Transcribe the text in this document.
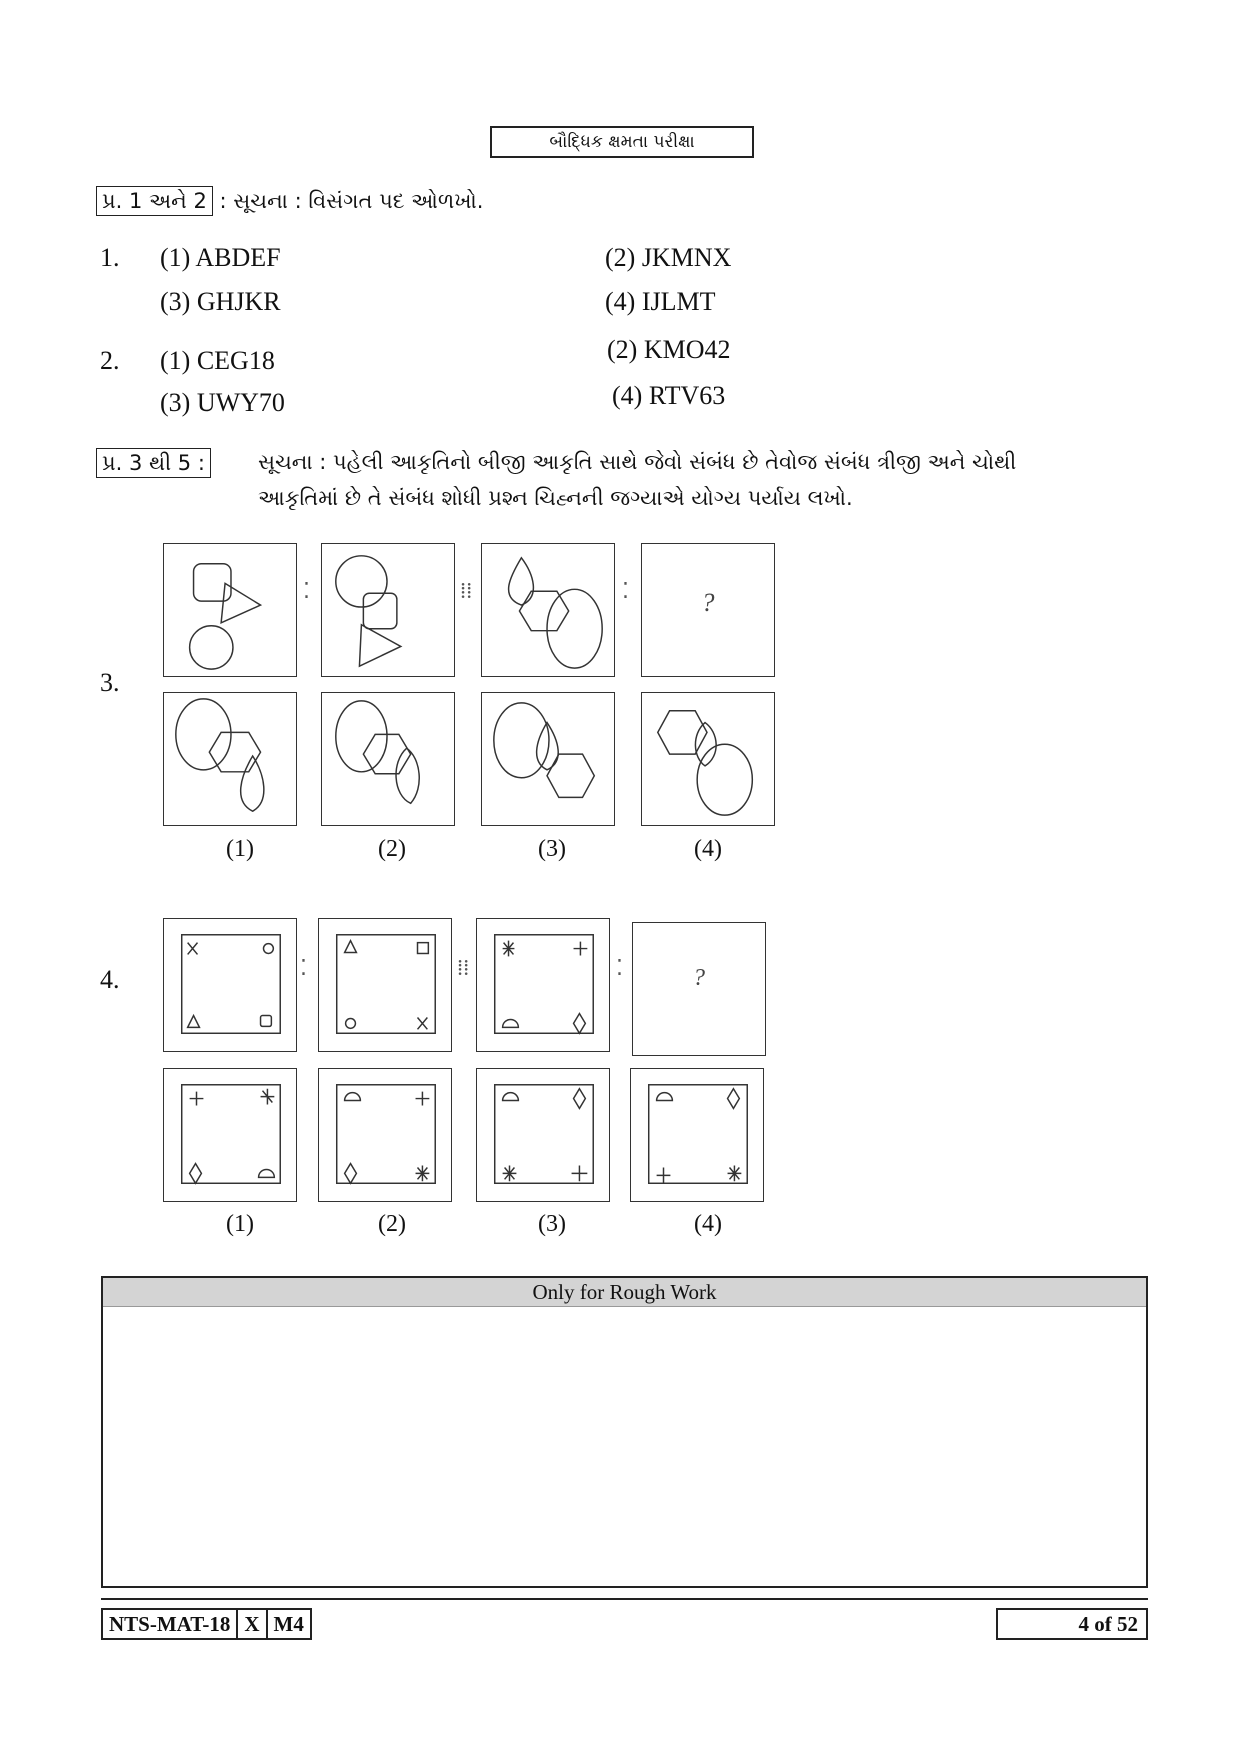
બૌદ્ધિક ક્ષમતા પરીક્ષા
પ્ર. 1 અને 2 : સૂચના : વિસંગત પદ ઓળખો.
1. (1) ABDEF	(2) JKMNX
(3) GHJKR	(4) IJLMT
2. (1) CEG18	(2) KMO42
(3) UWY70	(4) RTV63
પ્ર. 3 થી 5 :	સૂચના : પહેલી આકૃતિનો બીજી આકૃતિ સાથે જેવો સંબંધ છે તેવોજ સંબંધ ત્રીજી અને ચોથી
આકૃતિમાં છે તે સંબંધ શોધી પ્રશ્ન ચિહ્નની જગ્યાએ યોગ્ય પર્યાય લખો.
3.
⁚	⁞⁞	⁚	?
(1)	(2)	(3)	(4)
4.	⁚	⁞⁞	⁚	?
(1)	(2)	(3)	(4)
Only for Rough Work
NTS-MAT-18 X M4	4 of 52
